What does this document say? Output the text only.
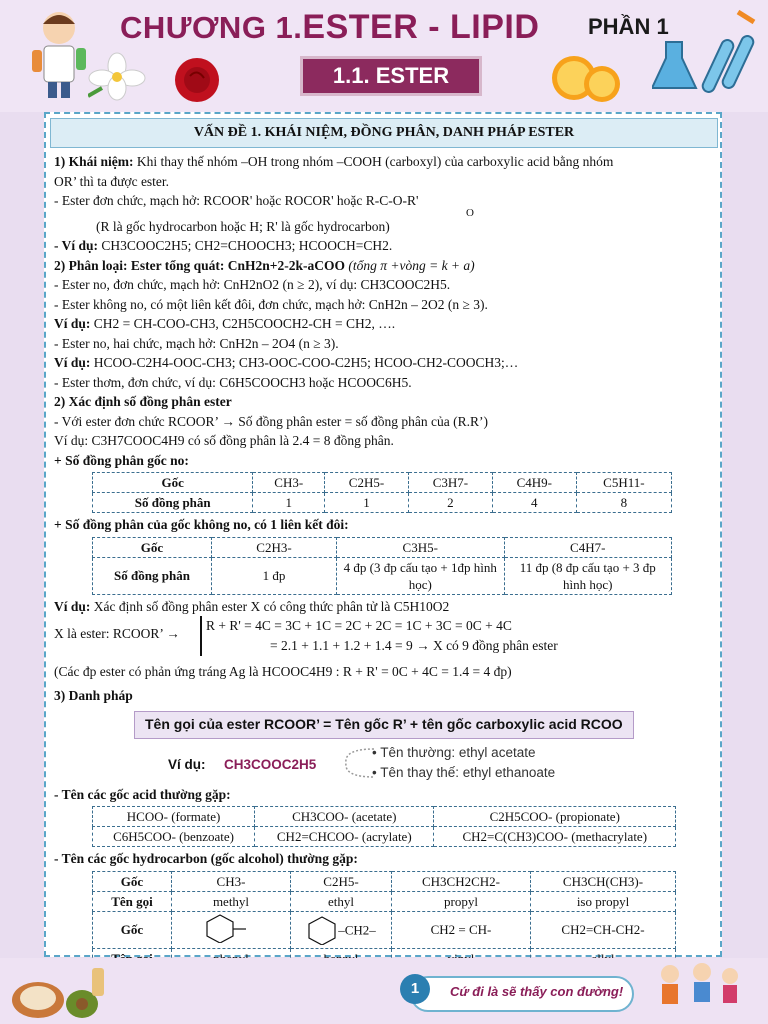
CHƯƠNG 1.ESTER - LIPID PHẦN 1
1.1. ESTER
VẤN ĐỀ 1. KHÁI NIỆM, ĐỒNG PHÂN, DANH PHÁP ESTER

1) Khái niệm: Khi thay thế nhóm –OH trong nhóm –COOH (carboxyl) của carboxylic acid bằng nhóm

OR’ thì ta được ester.

- Ester đơn chức, mạch hở: RCOOR' hoặc ROCOR' hoặc R-C-O-R'
O

(R là gốc hydrocarbon hoặc H; R' là gốc hydrocarbon)

- Ví dụ: CH3COOC2H5; CH2=CHOOCH3; HCOOCH=CH2.

2) Phân loại: Ester tổng quát: CnH2n+2-2k-aCOO (tổng π +vòng = k + a)

- Ester no, đơn chức, mạch hở: CnH2nO2 (n ≥ 2), ví dụ: CH3COOC2H5.

- Ester không no, có một liên kết đôi, đơn chức, mạch hở: CnH2n – 2O2 (n ≥ 3).

Ví dụ: CH2 = CH-COO-CH3, C2H5COOCH2-CH = CH2, ….

- Ester no, hai chức, mạch hở: CnH2n – 2O4 (n ≥ 3).

Ví dụ: HCOO-C2H4-OOC-CH3; CH3-OOC-COO-C2H5; HCOO-CH2-COOCH3;…

- Ester thơm, đơn chức, ví dụ: C6H5COOCH3 hoặc HCOOC6H5.

2) Xác định số đồng phân ester

- Với ester đơn chức RCOOR’ → Số đồng phân ester = số đồng phân của (R.R’)

Ví dụ: C3H7COOC4H9 có số đồng phân là 2.4 = 8 đồng phân.

+ Số đồng phân gốc no:

Gốc	CH3-	C2H5-	C3H7-	C4H9-	C5H11-
Số đồng phân	1	1	2	4	8

+ Số đồng phân của gốc không no, có 1 liên kết đôi:

Gốc	C2H3-	C3H5-	C4H7-
Số đồng phân	1 đp	4 đp (3 đp cấu tạo + 1đp hình học)	11 đp (8 đp cấu tạo + 3 đp hình học)

Ví dụ: Xác định số đồng phân ester X có công thức phân tử là C5H10O2

X là ester: RCOOR’ →
R + R' = 4C = 3C + 1C = 2C + 2C = 1C + 3C = 0C + 4C
= 2.1 + 1.1 + 1.2 + 1.4 = 9 → X có 9 đồng phân ester

(Các đp ester có phản ứng tráng Ag là HCOOC4H9 : R + R' = 0C + 4C = 1.4 = 4 đp)

3) Danh pháp

Tên gọi của ester RCOOR’ = Tên gốc R’ + tên gốc carboxylic acid RCOO
Ví dụ: CH3COOC2H5
• Tên thường: ethyl acetate
• Tên thay thế: ethyl ethanoate

- Tên các gốc acid thường gặp:

HCOO- (formate)	CH3COO- (acetate)	C2H5COO- (propionate)
C6H5COO- (benzoate)	CH2=CHCOO- (acrylate)	CH2=C(CH3)COO- (methacrylate)

- Tên các gốc hydrocarbon (gốc alcohol) thường gặp:

Gốc	CH3-	C2H5-	CH3CH2CH2-	CH3CH(CH3)-
Tên gọi	methyl	ethyl	propyl	iso propyl
Gốc		–CH2–	CH2 = CH-	CH2=CH-CH2-

1	Cứ đi là sẽ thấy con đường!
